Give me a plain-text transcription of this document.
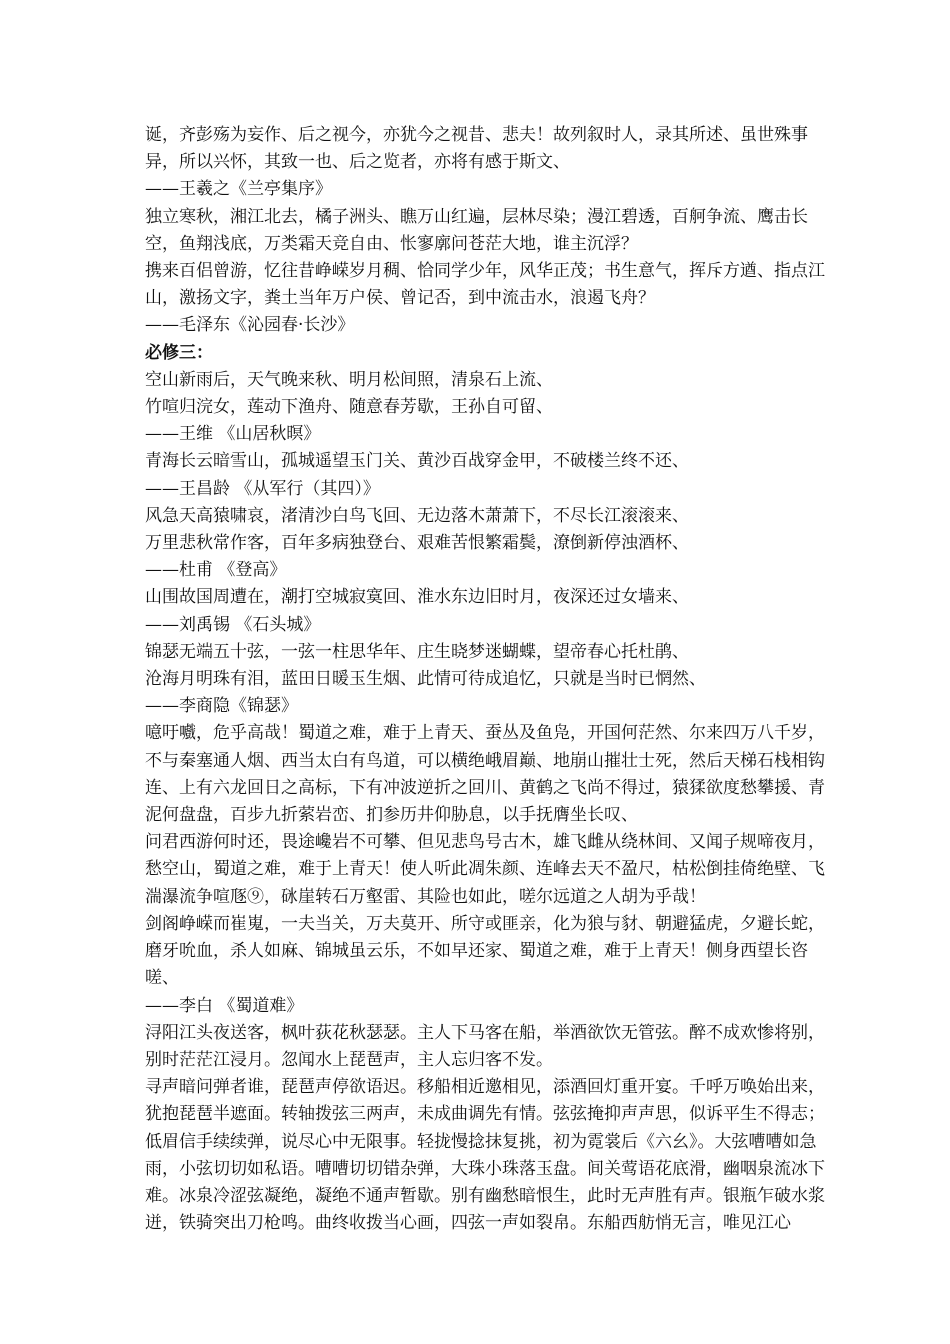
诞，齐彭殇为妄作、后之视今，亦犹今之视昔、悲夫！故列叙时人，录其所述、虽世殊事异，所以兴怀，其致一也、后之览者，亦将有感于斯文、

——王羲之《兰亭集序》

独立寒秋，湘江北去，橘子洲头、瞧万山红遍，层林尽染；漫江碧透，百舸争流、鹰击长空，鱼翔浅底，万类霜天竞自由、怅寥廓问苍茫大地，谁主沉浮？

携来百侣曾游，忆往昔峥嵘岁月稠、恰同学少年，风华正茂；书生意气，挥斥方遒、指点江山，激扬文字，粪土当年万户侯、曾记否，到中流击水，浪遏飞舟？

——毛泽东《沁园春·长沙》

必修三：

空山新雨后，天气晚来秋、明月松间照，清泉石上流、

竹喧归浣女，莲动下渔舟、随意春芳歇，王孙自可留、

——王维 《山居秋暝》

青海长云暗雪山，孤城遥望玉门关、黄沙百战穿金甲，不破楼兰终不还、

——王昌龄 《从军行（其四）》

风急天高猿啸哀，渚清沙白鸟飞回、无边落木萧萧下，不尽长江滚滚来、

万里悲秋常作客，百年多病独登台、艰难苦恨繁霜鬓，潦倒新停浊酒杯、

——杜甫 《登高》

山围故国周遭在，潮打空城寂寞回、淮水东边旧时月，夜深还过女墙来、

——刘禹锡 《石头城》

锦瑟无端五十弦，一弦一柱思华年、庄生晓梦迷蝴蝶，望帝春心托杜鹃、

沧海月明珠有泪，蓝田日暖玉生烟、此情可待成追忆，只就是当时已惘然、

——李商隐《锦瑟》

噫吁嚱，危乎高哉！蜀道之难，难于上青天、蚕丛及鱼凫，开国何茫然、尔来四万八千岁，不与秦塞通人烟、西当太白有鸟道，可以横绝峨眉巅、地崩山摧壮士死，然后天梯石栈相钩连、上有六龙回日之高标，下有冲波逆折之回川、黄鹤之飞尚不得过，猿猱欲度愁攀援、青泥何盘盘，百步九折萦岩峦、扪参历井仰胁息，以手抚膺坐长叹、

问君西游何时还，畏途巉岩不可攀、但见悲鸟号古木，雄飞雌从绕林间、又闻子规啼夜月，愁空山，蜀道之难，难于上青天！使人听此凋朱颜、连峰去天不盈尺，枯松倒挂倚绝壁、飞湍瀑流争喧豗⑨，砯崖转石万壑雷、其险也如此，嗟尔远道之人胡为乎哉！

剑阁峥嵘而崔嵬，一夫当关，万夫莫开、所守或匪亲，化为狼与豺、朝避猛虎，夕避长蛇，磨牙吮血，杀人如麻、锦城虽云乐，不如早还家、蜀道之难，难于上青天！侧身西望长咨嗟、

——李白 《蜀道难》

浔阳江头夜送客，枫叶荻花秋瑟瑟。主人下马客在船，举酒欲饮无管弦。醉不成欢惨将别，别时茫茫江浸月。忽闻水上琵琶声，主人忘归客不发。

寻声暗问弹者谁，琵琶声停欲语迟。移船相近邀相见，添酒回灯重开宴。千呼万唤始出来，犹抱琵琶半遮面。转轴拨弦三两声，未成曲调先有情。弦弦掩抑声声思，似诉平生不得志；低眉信手续续弹，说尽心中无限事。轻拢慢捻抹复挑，初为霓裳后《六幺》。大弦嘈嘈如急雨，小弦切切如私语。嘈嘈切切错杂弹，大珠小珠落玉盘。间关莺语花底滑，幽咽泉流冰下难。冰泉冷涩弦凝绝，凝绝不通声暂歇。别有幽愁暗恨生，此时无声胜有声。银瓶乍破水浆迸，铁骑突出刀枪鸣。曲终收拨当心画，四弦一声如裂帛。东船西舫悄无言，唯见江心
